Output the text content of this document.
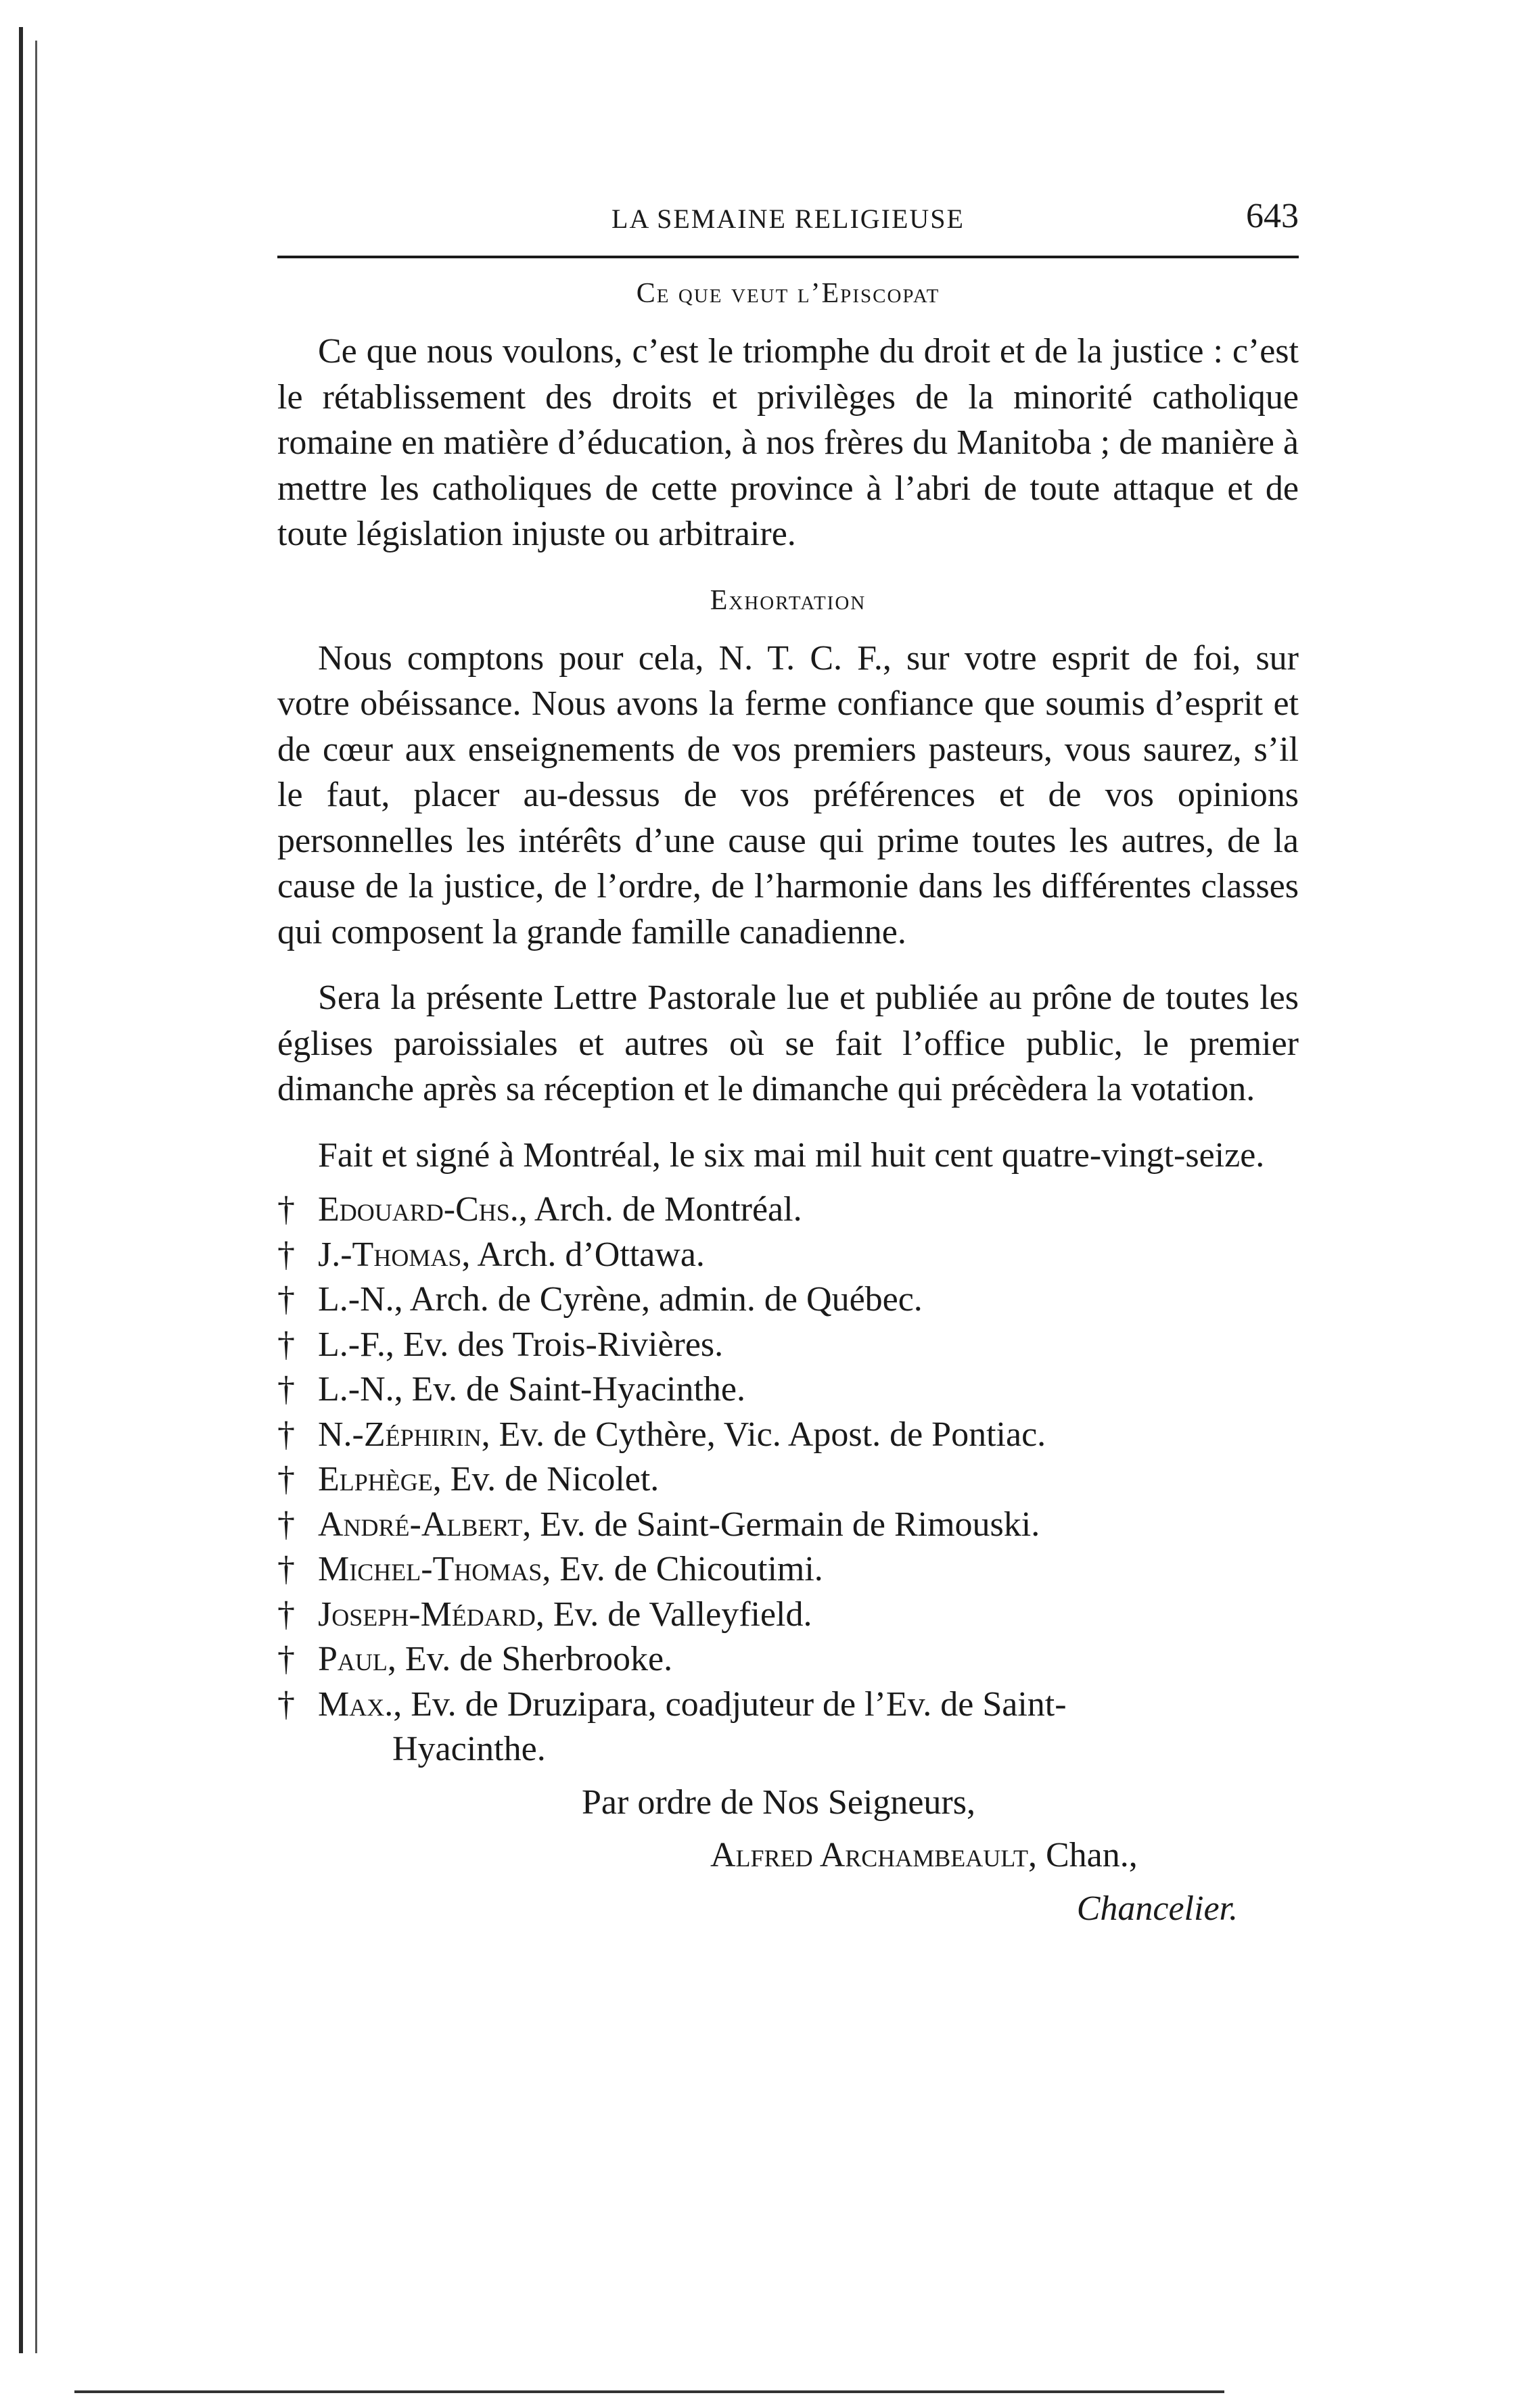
LA SEMAINE RELIGIEUSE	643
Ce que veut l’Episcopat

Ce que nous voulons, c’est le triomphe du droit et de la justice : c’est le rétablissement des droits et privilèges de la minorité catholique romaine en matière d’éducation, à nos frères du Manitoba ; de manière à mettre les catholiques de cette province à l’abri de toute attaque et de toute législation injuste ou arbitraire.

Exhortation

Nous comptons pour cela, N. T. C. F., sur votre esprit de foi, sur votre obéissance. Nous avons la ferme confiance que soumis d’esprit et de cœur aux enseignements de vos premiers pasteurs, vous saurez, s’il le faut, placer au-dessus de vos préférences et de vos opinions personnelles les intérêts d’une cause qui prime toutes les autres, de la cause de la justice, de l’ordre, de l’harmonie dans les différentes classes qui composent la grande famille canadienne.

Sera la présente Lettre Pastorale lue et publiée au prône de toutes les églises paroissiales et autres où se fait l’office public, le premier dimanche après sa réception et le dimanche qui précèdera la votation.

Fait et signé à Montréal, le six mai mil huit cent quatre-vingt-seize.

† Edouard-Chs., Arch. de Montréal.
† J.-Thomas, Arch. d’Ottawa.
† L.-N., Arch. de Cyrène, admin. de Québec.
† L.-F., Ev. des Trois-Rivières.
† L.-N., Ev. de Saint-Hyacinthe.
† N.-Zéphirin, Ev. de Cythère, Vic. Apost. de Pontiac.
† Elphège, Ev. de Nicolet.
† André-Albert, Ev. de Saint-Germain de Rimouski.
† Michel-Thomas, Ev. de Chicoutimi.
† Joseph-Médard, Ev. de Valleyfield.
† Paul, Ev. de Sherbrooke.
† Max., Ev. de Druzipara, coadjuteur de l’Ev. de Saint-
Hyacinthe.
Par ordre de Nos Seigneurs,
Alfred Archambeault, Chan.,
Chancelier.
